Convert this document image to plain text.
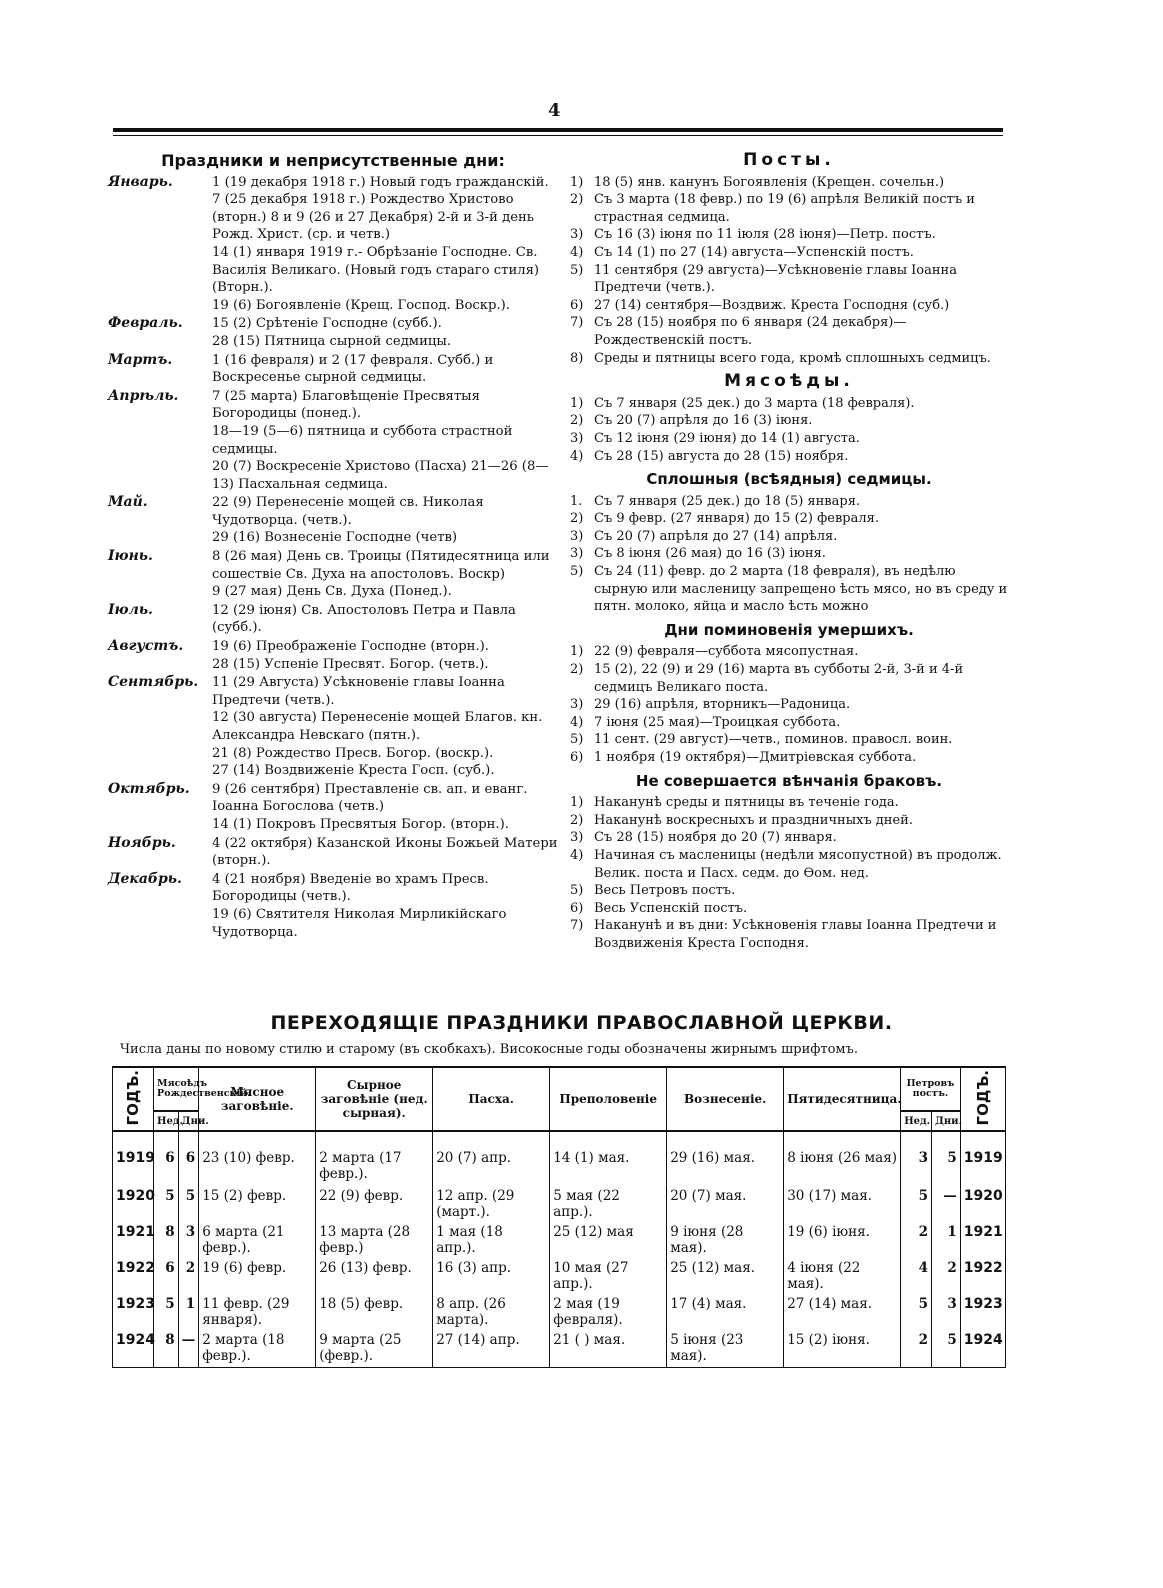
4
Праздники и неприсутственные дни:
Январь.	1 (19 декабря 1918 г.) Новый годъ гражданскій.
7 (25 декабря 1918 г.) Рождество Христово (вторн.) 8 и 9 (26 и 27 Декабря) 2-й и 3-й день Рожд. Христ. (ср. и четв.)
14 (1) января 1919 г.- Обрѣзаніе Господне. Св. Василія Великаго. (Новый годъ стараго стиля) (Вторн.).
19 (6) Богоявленіе (Крещ. Господ. Воскр.).
Февраль.	15 (2) Срѣтеніе Господне (субб.).
28 (15) Пятница сырной седмицы.
Мартъ.	1 (16 февраля) и 2 (17 февраля. Субб.) и Воскресенье сырной седмицы.
Апрѣль.	7 (25 марта) Благовѣщеніе Пресвятыя Богородицы (понед.).
18—19 (5—6) пятница и суббота страстной седмицы.
20 (7) Воскресеніе Христово (Пасха) 21—26 (8—13) Пасхальная седмица.
Май.	22 (9) Перенесеніе мощей св. Николая Чудотворца. (четв.).
29 (16) Вознесеніе Господне (четв)
Іюнь.	8 (26 мая) День св. Троицы (Пятидесятница или сошествіе Св. Духа на апостоловъ. Воскр)
9 (27 мая) День Св. Духа (Понед.).
Іюль.	12 (29 іюня) Св. Апостоловъ Петра и Павла (субб.).
Августъ.	19 (6) Преображеніе Господне (вторн.).
28 (15) Успеніе Пресвят. Богор. (четв.).
Сентябрь.	11 (29 Августа) Усѣкновеніе главы Іоанна Предтечи (четв.).
12 (30 августа) Перенесеніе мощей Благов. кн. Александра Невскаго (пятн.).
21 (8) Рождество Пресв. Богор. (воскр.).
27 (14) Воздвиженіе Креста Госп. (суб.).
Октябрь.	9 (26 сентября) Преставленіе св. ап. и еванг. Іоанна Богослова (четв.)
14 (1) Покровъ Пресвятыя Богор. (вторн.).
Ноябрь.	4 (22 октября) Казанской Иконы Божьей Матери (вторн.).
Декабрь.	4 (21 ноября) Введеніе во храмъ Пресв. Богородицы (четв.).
19 (6) Святителя Николая Мирликійскаго Чудотворца.
Посты.
1) 18 (5) янв. канунъ Богоявленія (Крещен. сочельн.)
2) Съ 3 марта (18 февр.) по 19 (6) апрѣля Великій постъ и страстная седмица.
3) Съ 16 (3) іюня по 11 іюля (28 іюня)—Петр. постъ.
4) Съ 14 (1) по 27 (14) августа—Успенскій постъ.
5) 11 сентября (29 августа)—Усѣкновеніе главы Іоанна Предтечи (четв.).
6) 27 (14) сентября—Воздвиж. Креста Господня (суб.)
7) Съ 28 (15) ноября по 6 января (24 декабря)—Рождественскій постъ.
8) Среды и пятницы всего года, кромѣ сплошныхъ седмицъ.
Мясоѣды.
1) Съ 7 января (25 дек.) до 3 марта (18 февраля).
2) Съ 20 (7) апрѣля до 16 (3) іюня.
3) Съ 12 іюня (29 іюня) до 14 (1) августа.
4) Съ 28 (15) августа до 28 (15) ноября.
Сплошныя (всѣядныя) седмицы.
1. Съ 7 января (25 дек.) до 18 (5) января.
2) Съ 9 февр. (27 января) до 15 (2) февраля.
3) Съ 20 (7) апрѣля до 27 (14) апрѣля.
3) Съ 8 іюня (26 мая) до 16 (3) іюня.
5) Съ 24 (11) февр. до 2 марта (18 февраля), въ недѣлю сырную или масленицу запрещено ѣсть мясо, но въ среду и пятн. молоко, яйца и масло ѣсть можно
Дни поминовенія умершихъ.
1) 22 (9) февраля—суббота мясопустная.
2) 15 (2), 22 (9) и 29 (16) марта въ субботы 2-й, 3-й и 4-й седмицъ Великаго поста.
3) 29 (16) апрѣля, вторникъ—Радоница.
4) 7 іюня (25 мая)—Троицкая суббота.
5) 11 сент. (29 август)—четв., поминов. правосл. воин.
6) 1 ноября (19 октября)—Дмитріевская суббота.
Не совершается вѣнчанія браковъ.
1) Наканунѣ среды и пятницы въ теченіе года.
2) Наканунѣ воскресныхъ и праздничныхъ дней.
3) Съ 28 (15) ноября до 20 (7) января.
4) Начиная съ масленицы (недѣли мясопустной) въ продолж. Велик. поста и Пасх. седм. до Ѳом. нед.
5) Весь Петровъ постъ.
6) Весь Успенскій постъ.
7) Наканунѣ и въ дни: Усѣкновенія главы Іоанна Предтечи и Воздвиженія Креста Господня.
ПЕРЕХОДЯЩІЕ ПРАЗДНИКИ ПРАВОСЛАВНОЙ ЦЕРКВИ.
Числа даны по новому стилю и старому (въ скобкахъ). Високосные годы обозначены жирнымъ шрифтомъ.
ГОДЪ.	Мясоѣдъ Рождественскій.		Мясное заговѣніе.	Сырное заговѣніе (нед. сырная).	Пасха.	Преполовеніе	Вознесеніе.	Пятидесятница.	Петровъ постъ.		ГОДЪ.
	Нед.	Дни.							Нед.	Дни.	
1919	6	6	23 (10) февр.	2 марта (17 февр.).	20 (7) апр.	14 (1) мая.	29 (16) мая.	8 іюня (26 мая)	3	5	1919
1920	5	5	15 (2) февр.	22 (9) февр.	12 апр. (29 (март.).	5 мая (22 апр.).	20 (7) мая.	30 (17) мая.	5	—	1920
1921	8	3	6 марта (21 февр.).	13 марта (28 февр.)	1 мая (18 апр.).	25 (12) мая	9 іюня (28 мая).	19 (6) іюня.	2	1	1921
1922	6	2	19 (6) февр.	26 (13) февр.	16 (3) апр.	10 мая (27 апр.).	25 (12) мая.	4 іюня (22 мая).	4	2	1922
1923	5	1	11 февр. (29 января).	18 (5) февр.	8 апр. (26 марта).	2 мая (19 февраля).	17 (4) мая.	27 (14) мая.	5	3	1923
1924	8	—	2 марта (18 февр.).	9 марта (25 (февр.).	27 (14) апр.	21 ( ) мая.	5 іюня (23 мая).	15 (2) іюня.	2	5	1924
